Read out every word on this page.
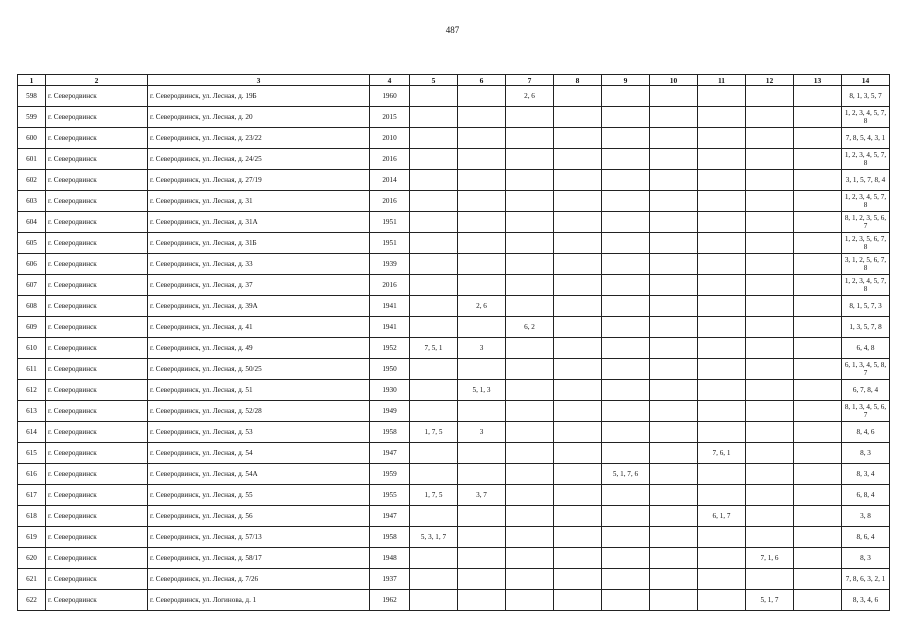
487
1	2	3	4	5	6	7	8	9	10	11	12	13	14
598	г. Северодвинск	г. Северодвинск, ул. Лесная, д. 19Б	1960			2, 6							8, 1, 3, 5, 7
599	г. Северодвинск	г. Северодвинск, ул. Лесная, д. 20	2015										1, 2, 3, 4, 5, 7, 8
600	г. Северодвинск	г. Северодвинск, ул. Лесная, д. 23/22	2010										7, 8, 5, 4, 3, 1
601	г. Северодвинск	г. Северодвинск, ул. Лесная, д. 24/25	2016										1, 2, 3, 4, 5, 7, 8
602	г. Северодвинск	г. Северодвинск, ул. Лесная, д. 27/19	2014										3, 1, 5, 7, 8, 4
603	г. Северодвинск	г. Северодвинск, ул. Лесная, д. 31	2016										1, 2, 3, 4, 5, 7, 8
604	г. Северодвинск	г. Северодвинск, ул. Лесная, д. 31А	1951										8, 1, 2, 3, 5, 6, 7
605	г. Северодвинск	г. Северодвинск, ул. Лесная, д. 31Б	1951										1, 2, 3, 5, 6, 7, 8
606	г. Северодвинск	г. Северодвинск, ул. Лесная, д. 33	1939										3, 1, 2, 5, 6, 7, 8
607	г. Северодвинск	г. Северодвинск, ул. Лесная, д. 37	2016										1, 2, 3, 4, 5, 7, 8
608	г. Северодвинск	г. Северодвинск, ул. Лесная, д. 39А	1941		2, 6								8, 1, 5, 7, 3
609	г. Северодвинск	г. Северодвинск, ул. Лесная, д. 41	1941			6, 2							1, 3, 5, 7, 8
610	г. Северодвинск	г. Северодвинск, ул. Лесная, д. 49	1952	7, 5, 1	3								6, 4, 8
611	г. Северодвинск	г. Северодвинск, ул. Лесная, д. 50/25	1950										6, 1, 3, 4, 5, 8, 7
612	г. Северодвинск	г. Северодвинск, ул. Лесная, д. 51	1930		5, 1, 3								6, 7, 8, 4
613	г. Северодвинск	г. Северодвинск, ул. Лесная, д. 52/28	1949										8, 1, 3, 4, 5, 6, 7
614	г. Северодвинск	г. Северодвинск, ул. Лесная, д. 53	1958	1, 7, 5	3								8, 4, 6
615	г. Северодвинск	г. Северодвинск, ул. Лесная, д. 54	1947							7, 6, 1			8, 3
616	г. Северодвинск	г. Северодвинск, ул. Лесная, д. 54А	1959					5, 1, 7, 6					8, 3, 4
617	г. Северодвинск	г. Северодвинск, ул. Лесная, д. 55	1955	1, 7, 5	3, 7								6, 8, 4
618	г. Северодвинск	г. Северодвинск, ул. Лесная, д. 56	1947							6, 1, 7			3, 8
619	г. Северодвинск	г. Северодвинск, ул. Лесная, д. 57/13	1958	5, 3, 1, 7									8, 6, 4
620	г. Северодвинск	г. Северодвинск, ул. Лесная, д. 58/17	1948								7, 1, 6		8, 3
621	г. Северодвинск	г. Северодвинск, ул. Лесная, д. 7/26	1937										7, 8, 6, 3, 2, 1
622	г. Северодвинск	г. Северодвинск, ул. Логинова, д. 1	1962								5, 1, 7		8, 3, 4, 6
